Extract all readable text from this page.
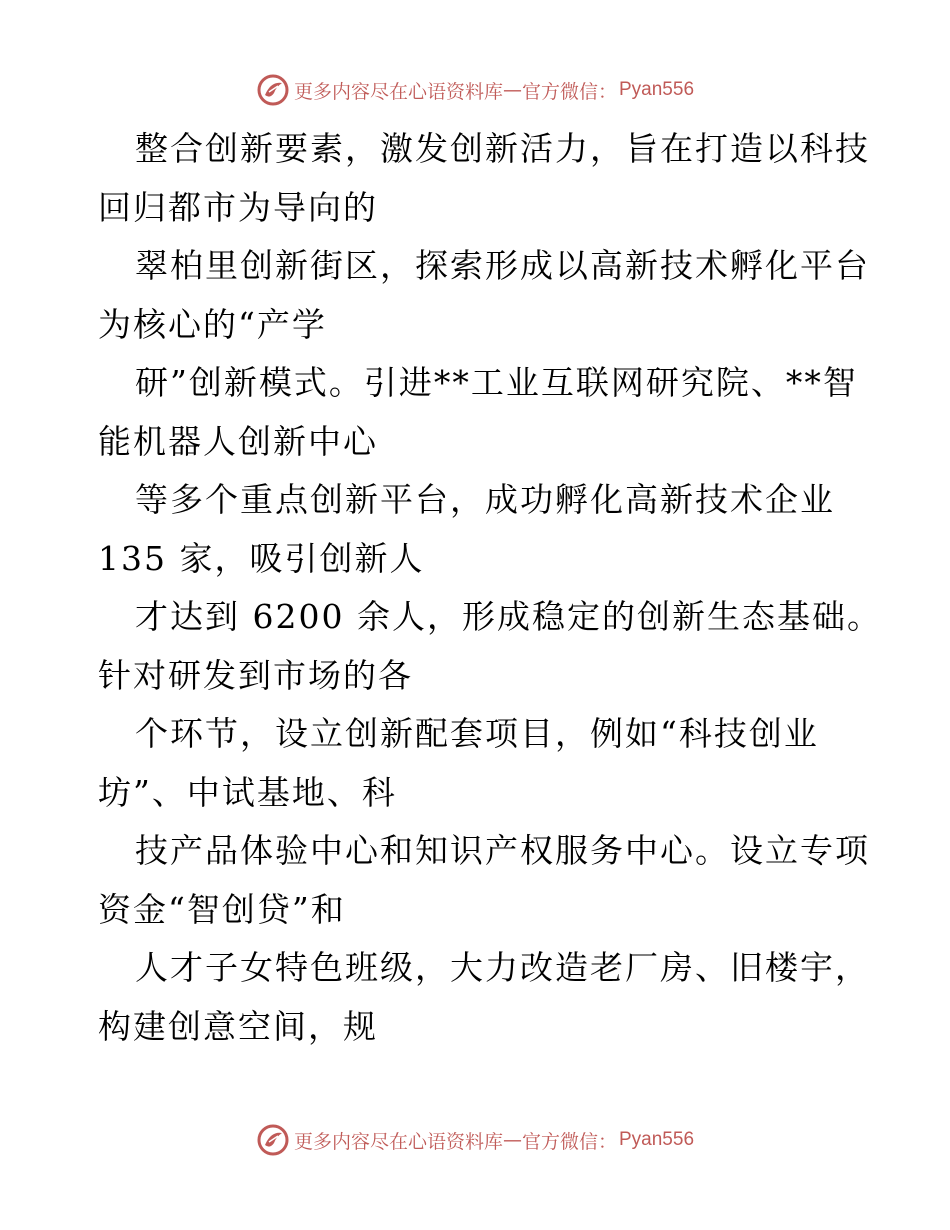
更多内容尽在心语资料库 — 官方微信： Pyan556
整合创新要素，激发创新活力，旨在打造以科技
回归都市为导向的
翠柏里创新街区，探索形成以高新技术孵化平台
为核心的“产学
研”创新模式。引进**工业互联网研究院、**智
能机器人创新中心
等多个重点创新平台，成功孵化高新技术企业
135 家，吸引创新人
才达到 6200 余人，形成稳定的创新生态基础。
针对研发到市场的各
个环节，设立创新配套项目，例如“科技创业
坊”、中试基地、科
技产品体验中心和知识产权服务中心。设立专项
资金“智创贷”和
人才子女特色班级，大力改造老厂房、旧楼宇，
构建创意空间，规
更多内容尽在心语资料库 — 官方微信： Pyan556
